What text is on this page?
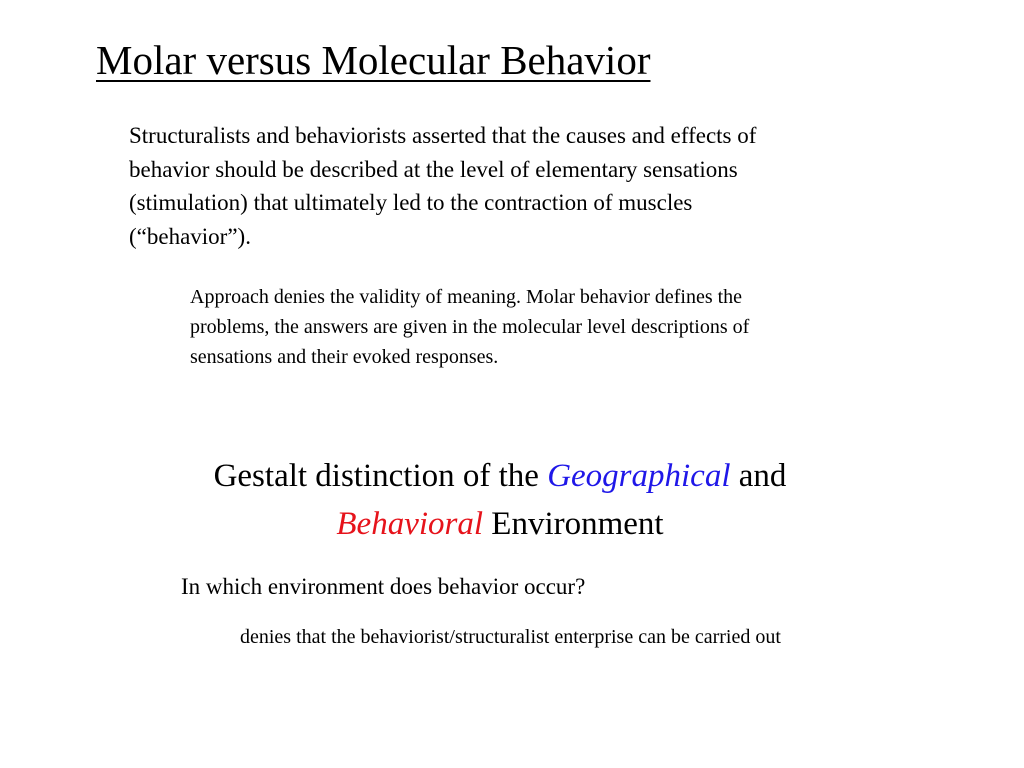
Molar versus Molecular Behavior
Structuralists and behaviorists asserted that the causes and effects of
behavior should be described at the level of elementary sensations
(stimulation) that ultimately led to the contraction of muscles
(“behavior”).
Approach denies the validity of meaning. Molar behavior defines the
problems, the answers are given in the molecular level descriptions of
sensations and their evoked responses.
Gestalt distinction of the Geographical and
Behavioral Environment
In which environment does behavior occur?
denies that the behaviorist/structuralist enterprise can be carried out
